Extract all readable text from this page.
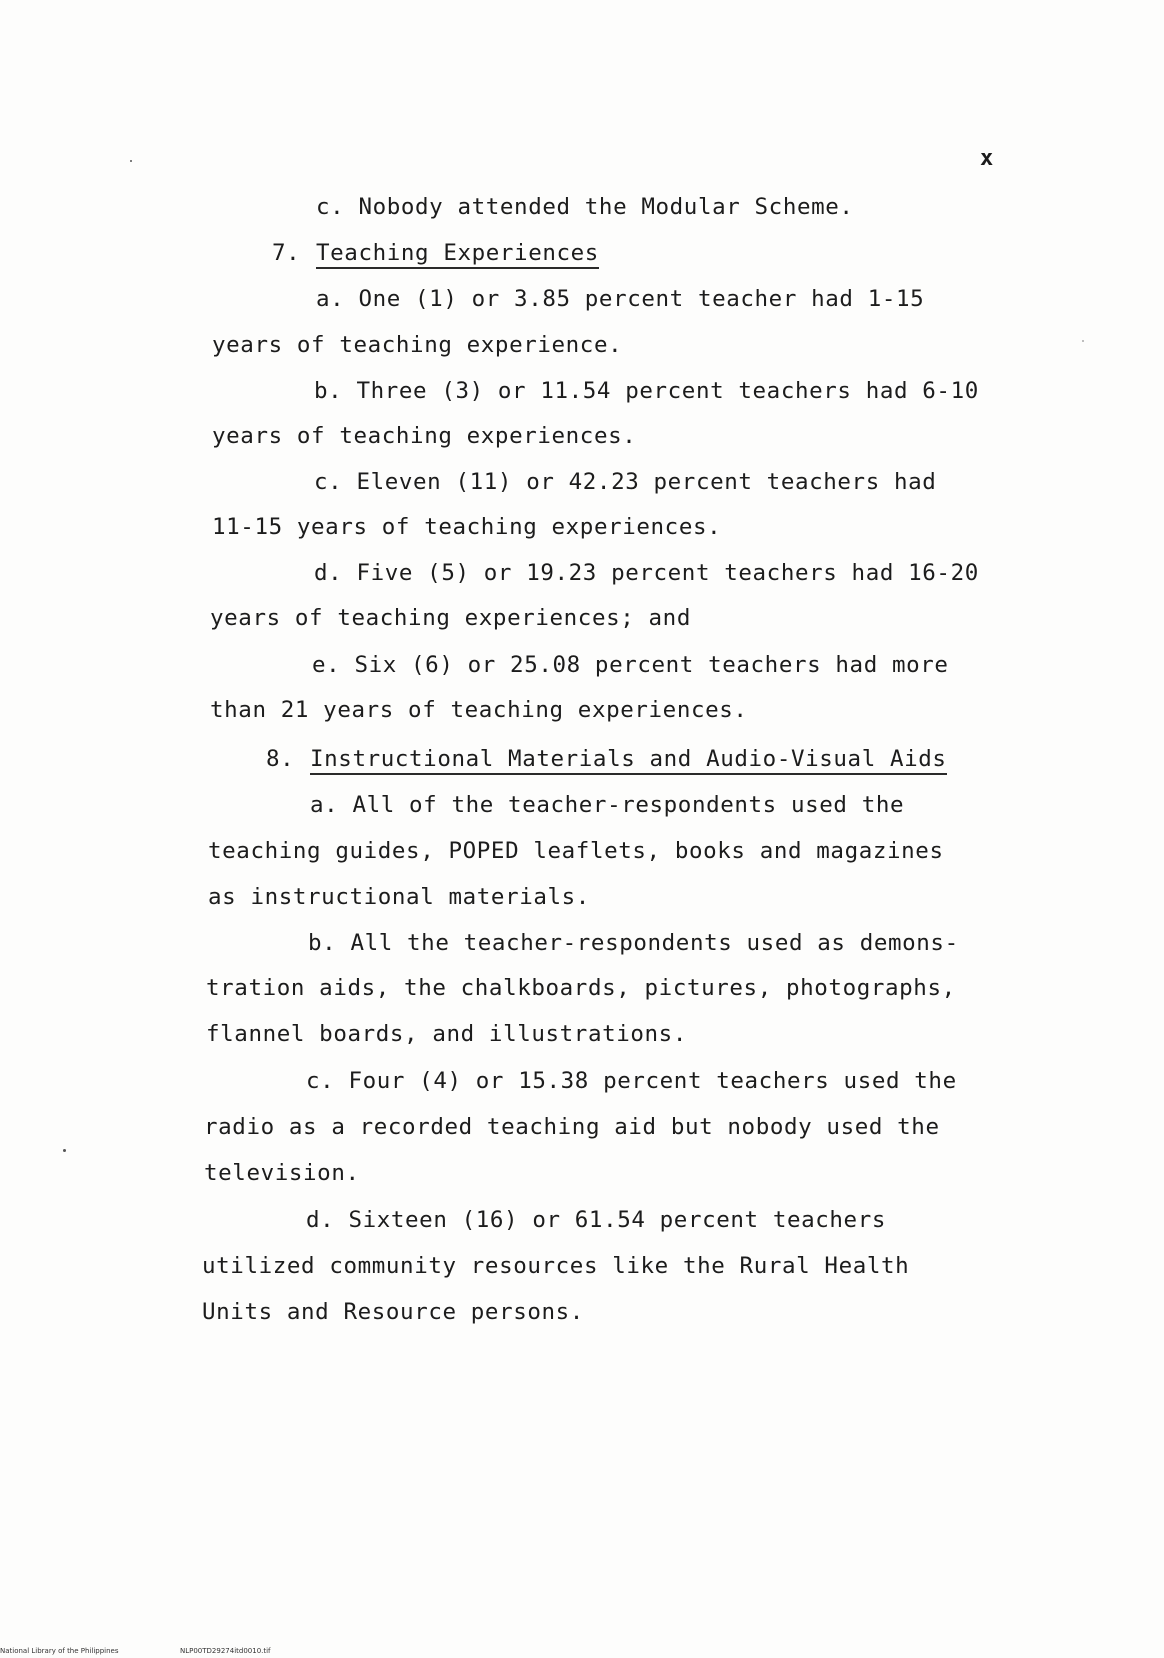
x
c. Nobody attended the Modular Scheme.
7. Teaching Experiences
a. One (1) or 3.85 percent teacher had 1-15
years of teaching experience.
b. Three (3) or 11.54 percent teachers had 6-10
years of teaching experiences.
c. Eleven (11) or 42.23 percent teachers had
11-15 years of teaching experiences.
d. Five (5) or 19.23 percent teachers had 16-20
years of teaching experiences; and
e. Six (6) or 25.08 percent teachers had more
than 21 years of teaching experiences.
8. Instructional Materials and Audio-Visual Aids
a. All of the teacher-respondents used the
teaching guides, POPED leaflets, books and magazines
as instructional materials.
b. All the teacher-respondents used as demons-
tration aids, the chalkboards, pictures, photographs,
flannel boards, and illustrations.
c. Four (4) or 15.38 percent teachers used the
radio as a recorded teaching aid but nobody used the
television.
d. Sixteen (16) or 61.54 percent teachers
utilized community resources like the Rural Health
Units and Resource persons.
National Library of the Philippines	NLP00TD29274itd0010.tif
